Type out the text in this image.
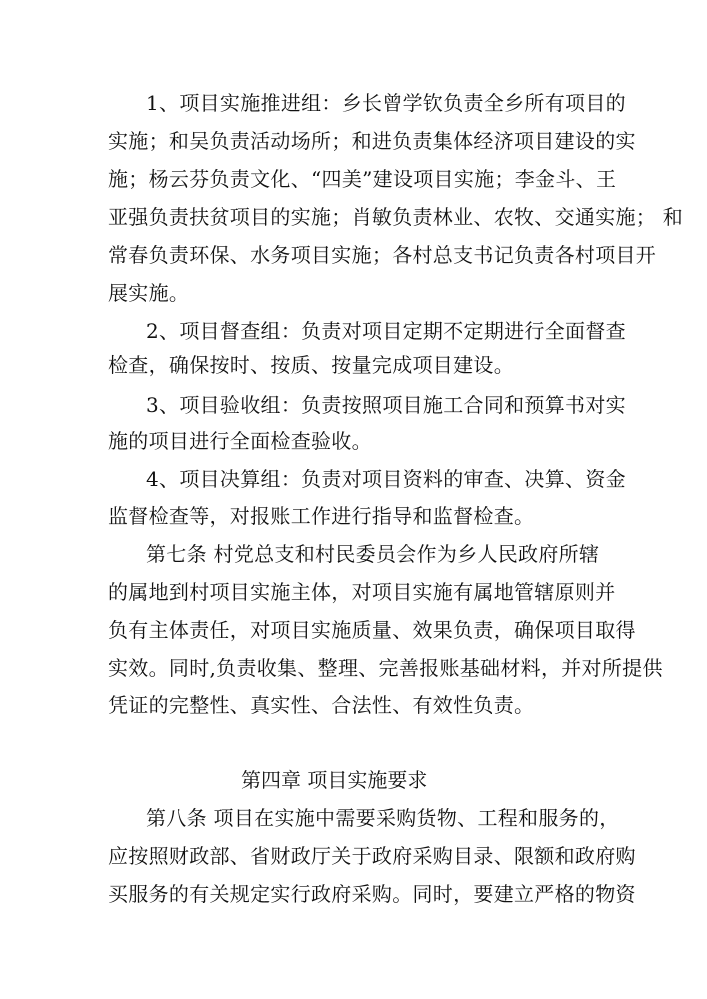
1、项目实施推进组：乡长曾学钦负责全乡所有项目的
实施；和吴负责活动场所；和进负责集体经济项目建设的实
施；杨云芬负责文化、“四美”建设项目实施；李金斗、王
亚强负责扶贫项目的实施；肖敏负责林业、农牧、交通实施； 和
常春负责环保、水务项目实施；各村总支书记负责各村项目开
展实施。
2、项目督查组：负责对项目定期不定期进行全面督查
检查，确保按时、按质、按量完成项目建设。
3、项目验收组：负责按照项目施工合同和预算书对实
施的项目进行全面检查验收。
4、项目决算组：负责对项目资料的审查、决算、资金
监督检查等，对报账工作进行指导和监督检查。
第七条 村党总支和村民委员会作为乡人民政府所辖
的属地到村项目实施主体，对项目实施有属地管辖原则并
负有主体责任，对项目实施质量、效果负责，确保项目取得
实效。同时,负责收集、整理、完善报账基础材料，并对所提供
凭证的完整性、真实性、合法性、有效性负责。
第四章 项目实施要求
第八条 项目在实施中需要采购货物、工程和服务的，
应按照财政部、省财政厅关于政府采购目录、限额和政府购
买服务的有关规定实行政府采购。同时，要建立严格的物资
